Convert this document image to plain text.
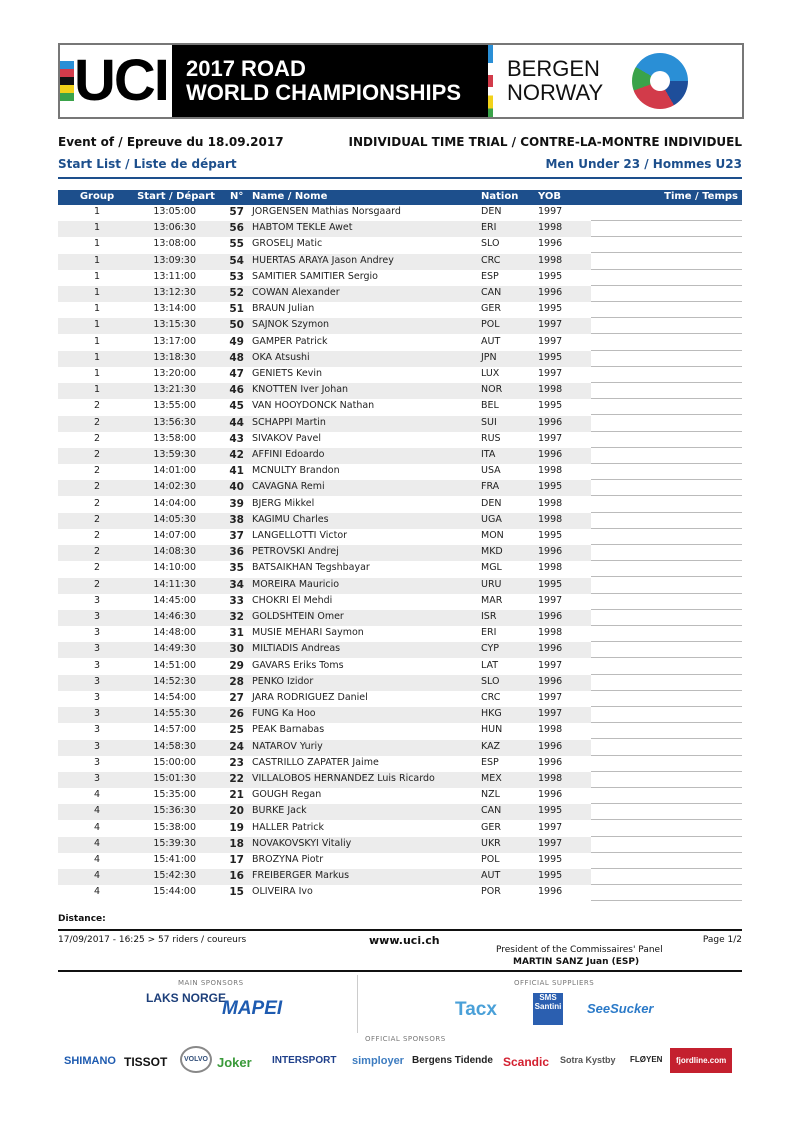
UCI 2017 ROAD
WORLD CHAMPIONSHIPS
BERGEN
NORWAY
Event of / Epreuve du 18.09.2017	INDIVIDUAL TIME TRIAL / CONTRE-LA-MONTRE INDIVIDUEL
Start List / Liste de départ	Men Under 23 / Hommes U23
Group	Start / Départ N° Name / Nome	Nation YOB	Time / Temps
1	13:05:00	57 JORGENSEN Mathias Norsgaard	DEN	1997
1	13:06:30	56 HABTOM TEKLE Awet	ERI	1998
1	13:08:00	55 GROSELJ Matic	SLO	1996
1	13:09:30	54 HUERTAS ARAYA Jason Andrey	CRC	1998
1	13:11:00	53 SAMITIER SAMITIER Sergio	ESP	1995
1	13:12:30	52 COWAN Alexander	CAN	1996
1	13:14:00	51 BRAUN Julian	GER	1995
1	13:15:30	50 SAJNOK Szymon	POL	1997
1	13:17:00	49 GAMPER Patrick	AUT	1997
1	13:18:30	48 OKA Atsushi	JPN	1995
1	13:20:00	47 GENIETS Kevin	LUX	1997
1	13:21:30	46 KNOTTEN Iver Johan	NOR	1998
2	13:55:00	45 VAN HOOYDONCK Nathan	BEL	1995
2	13:56:30	44 SCHAPPI Martin	SUI	1996
2	13:58:00	43 SIVAKOV Pavel	RUS	1997
2	13:59:30	42 AFFINI Edoardo	ITA	1996
2	14:01:00	41 MCNULTY Brandon	USA	1998
2	14:02:30	40 CAVAGNA Remi	FRA	1995
2	14:04:00	39 BJERG Mikkel	DEN	1998
2	14:05:30	38 KAGIMU Charles	UGA	1998
2	14:07:00	37 LANGELLOTTI Victor	MON	1995
2	14:08:30	36 PETROVSKI Andrej	MKD	1996
2	14:10:00	35 BATSAIKHAN Tegshbayar	MGL	1998
2	14:11:30	34 MOREIRA Mauricio	URU	1995
3	14:45:00	33 CHOKRI El Mehdi	MAR	1997
3	14:46:30	32 GOLDSHTEIN Omer	ISR	1996
3	14:48:00	31 MUSIE MEHARI Saymon	ERI	1998
3	14:49:30	30 MILTIADIS Andreas	CYP	1996
3	14:51:00	29 GAVARS Eriks Toms	LAT	1997
3	14:52:30	28 PENKO Izidor	SLO	1996
3	14:54:00	27 JARA RODRIGUEZ Daniel	CRC	1997
3	14:55:30	26 FUNG Ka Hoo	HKG	1997
3	14:57:00	25 PEAK Barnabas	HUN	1998
3	14:58:30	24 NATAROV Yuriy	KAZ	1996
3	15:00:00	23 CASTRILLO ZAPATER Jaime	ESP	1996
3	15:01:30	22 VILLALOBOS HERNANDEZ Luis Ricardo	MEX	1998
4	15:35:00	21 GOUGH Regan	NZL	1996
4	15:36:30	20 BURKE Jack	CAN	1995
4	15:38:00	19 HALLER Patrick	GER	1997
4	15:39:30	18 NOVAKOVSKYI Vitaliy	UKR	1997
4	15:41:00	17 BROZYNA Piotr	POL	1995
4	15:42:30	16 FREIBERGER Markus	AUT	1995
4	15:44:00	15 OLIVEIRA Ivo	POR	1996
Distance:
17/09/2017 - 16:25 > 57 riders / coureurs	www.uci.ch	Page 1/2
President of the Commissaires' Panel
MARTIN SANZ Juan (ESP)
MAIN SPONSORS	OFFICIAL SUPPLIERS
LAKS NORGE
MAPEI	Tacx
SMS Santini SeeSucker
OFFICIAL SPONSORS
SHIMANO TISSOT	VOLVO Joker INTERSPORT simployer Bergens Tidende Scandic Sotra Kystby FLØYEN	fjordline.com
